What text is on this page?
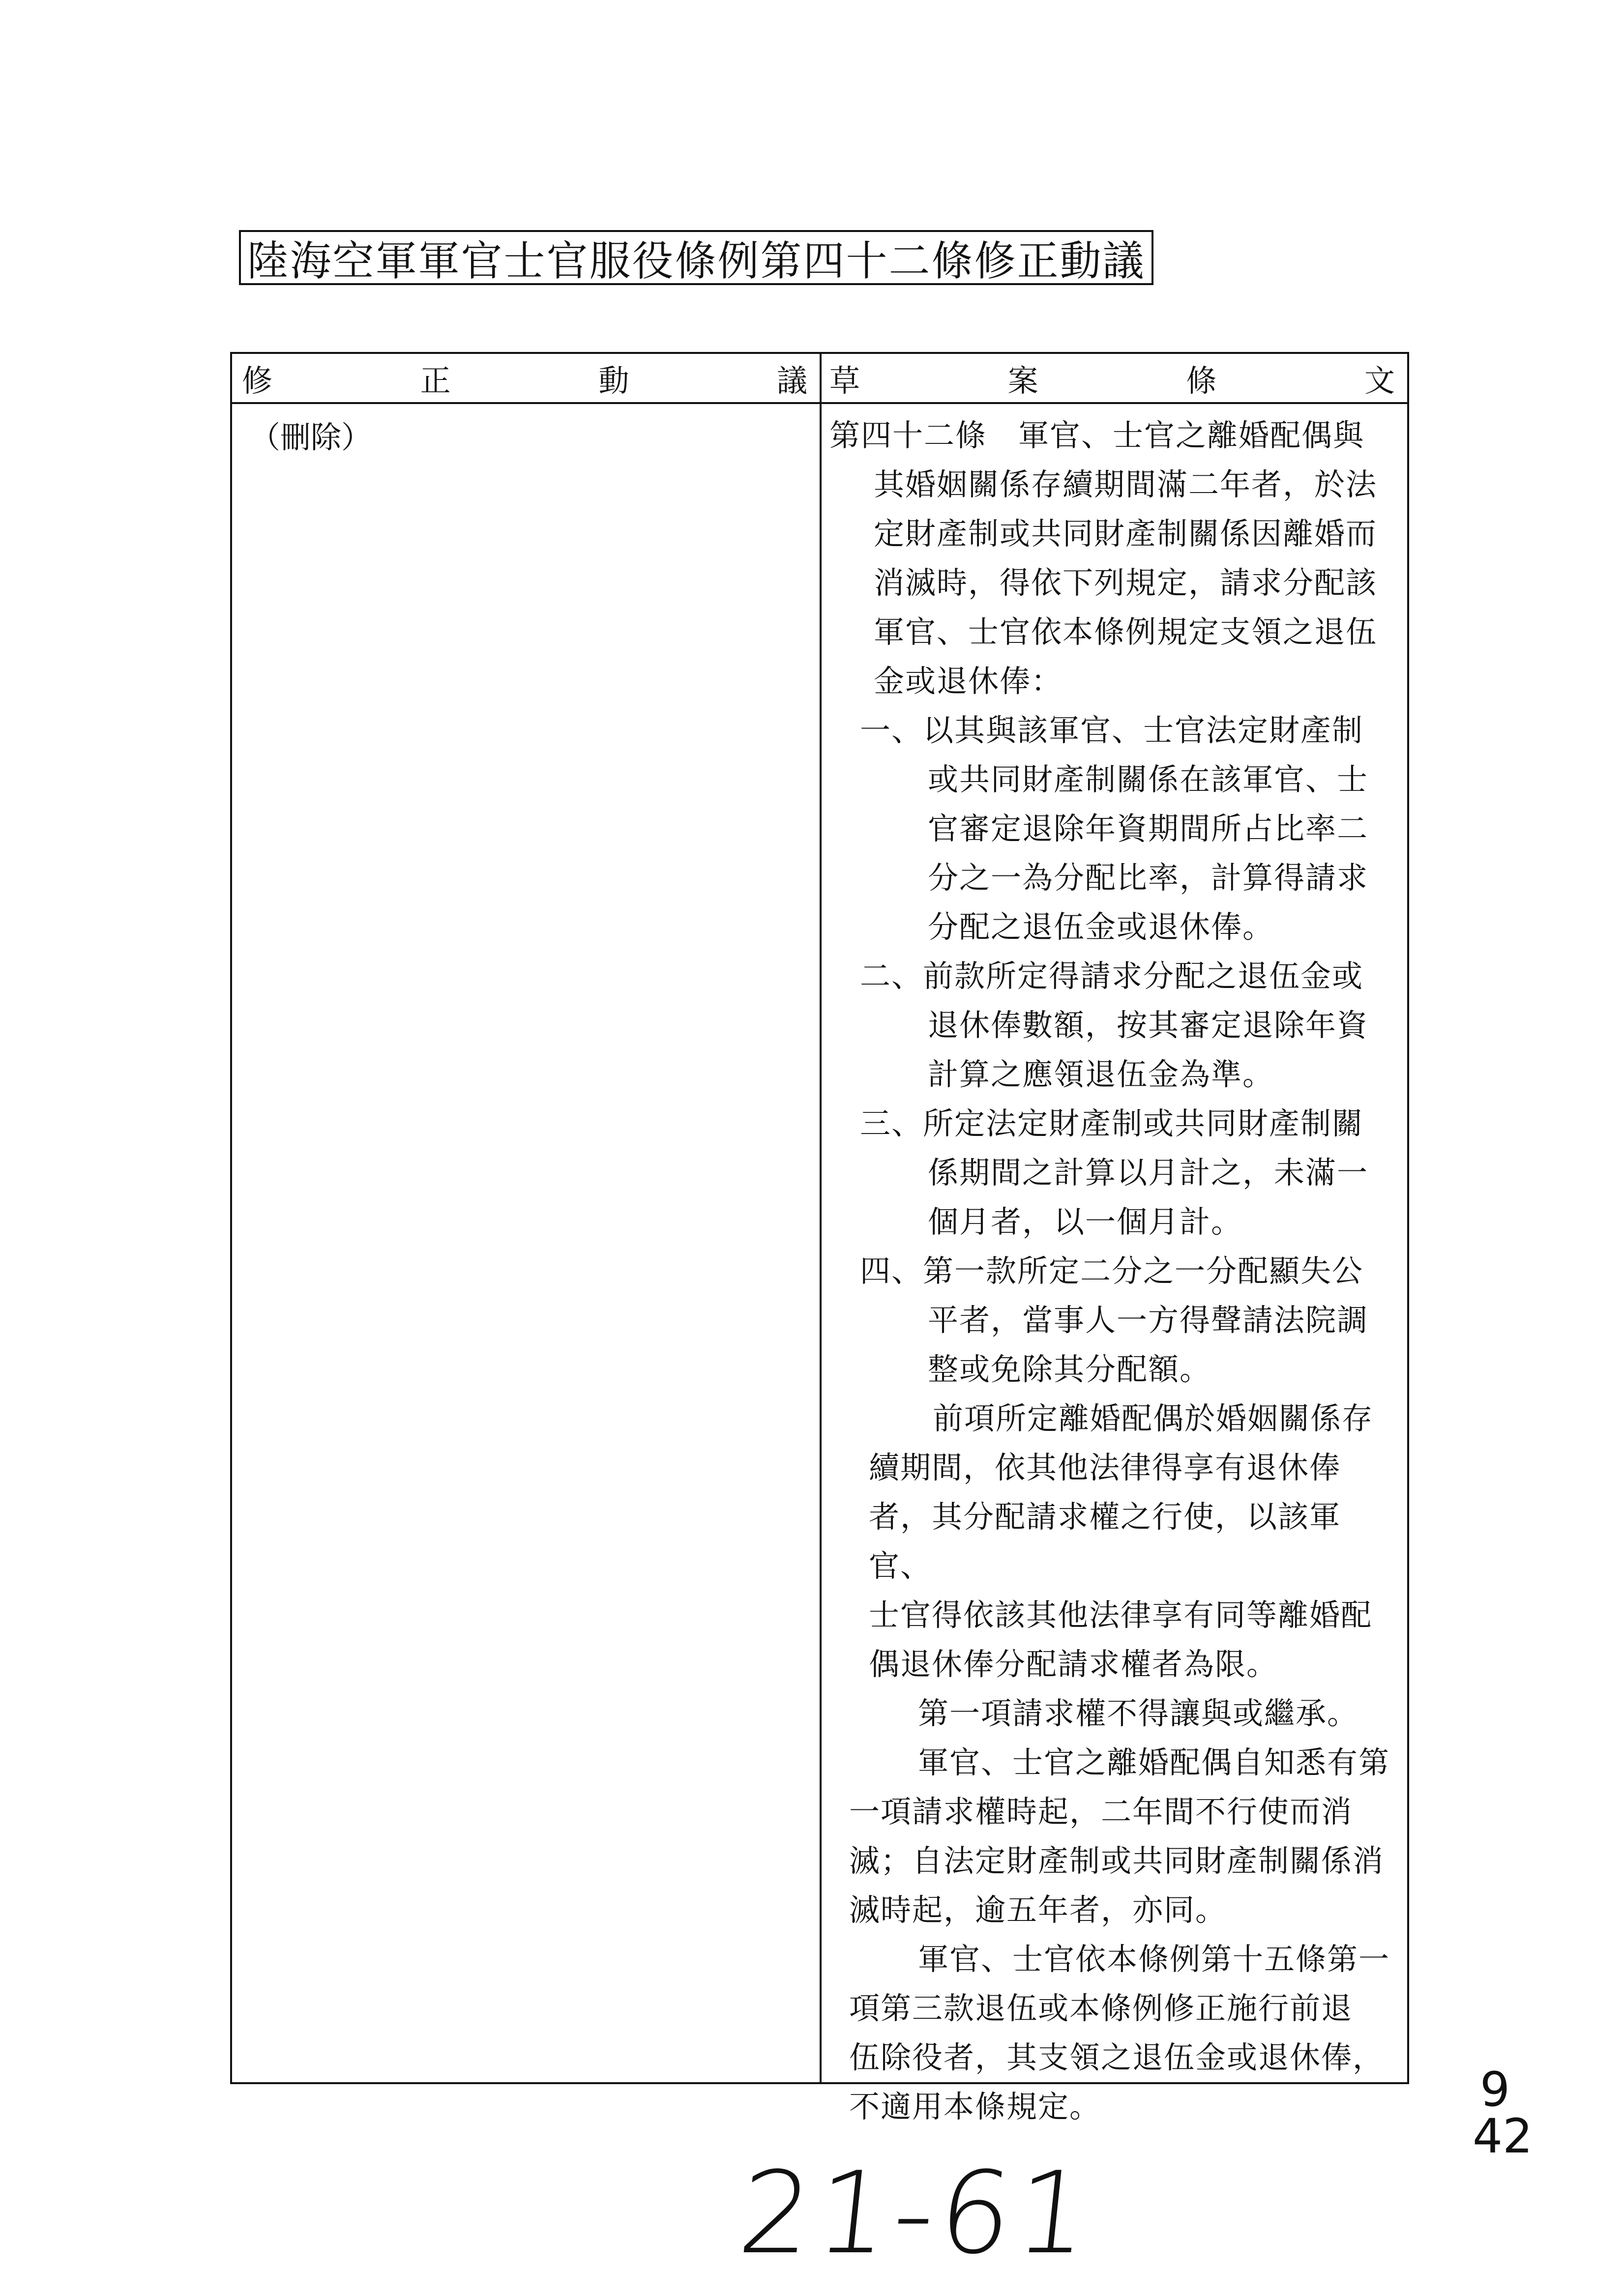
陸海空軍軍官士官服役條例第四十二條修正動議
修	正	動	議 草	案	條	文
（刪除）	第四十二條　軍官、士官之離婚配偶與

其婚姻關係存續期間滿二年者，於法

定財產制或共同財產制關係因離婚而

消滅時，得依下列規定，請求分配該

軍官、士官依本條例規定支領之退伍

金或退休俸：

一、以其與該軍官、士官法定財產制

或共同財產制關係在該軍官、士

官審定退除年資期間所占比率二

分之一為分配比率，計算得請求

分配之退伍金或退休俸。

二、前款所定得請求分配之退伍金或

退休俸數額，按其審定退除年資

計算之應領退伍金為準。

三、所定法定財產制或共同財產制關

係期間之計算以月計之，未滿一

個月者，以一個月計。

四、第一款所定二分之一分配顯失公

平者，當事人一方得聲請法院調

整或免除其分配額。

前項所定離婚配偶於婚姻關係存

續期間，依其他法律得享有退休俸

者，其分配請求權之行使，以該軍官、

士官得依該其他法律享有同等離婚配

偶退休俸分配請求權者為限。

第一項請求權不得讓與或繼承。

軍官、士官之離婚配偶自知悉有第

一項請求權時起，二年間不行使而消

滅；自法定財產制或共同財產制關係消

滅時起，逾五年者，亦同。

軍官、士官依本條例第十五條第一

項第三款退伍或本條例修正施行前退

伍除役者，其支領之退伍金或退休俸，

不適用本條規定。

21-61
9
42
